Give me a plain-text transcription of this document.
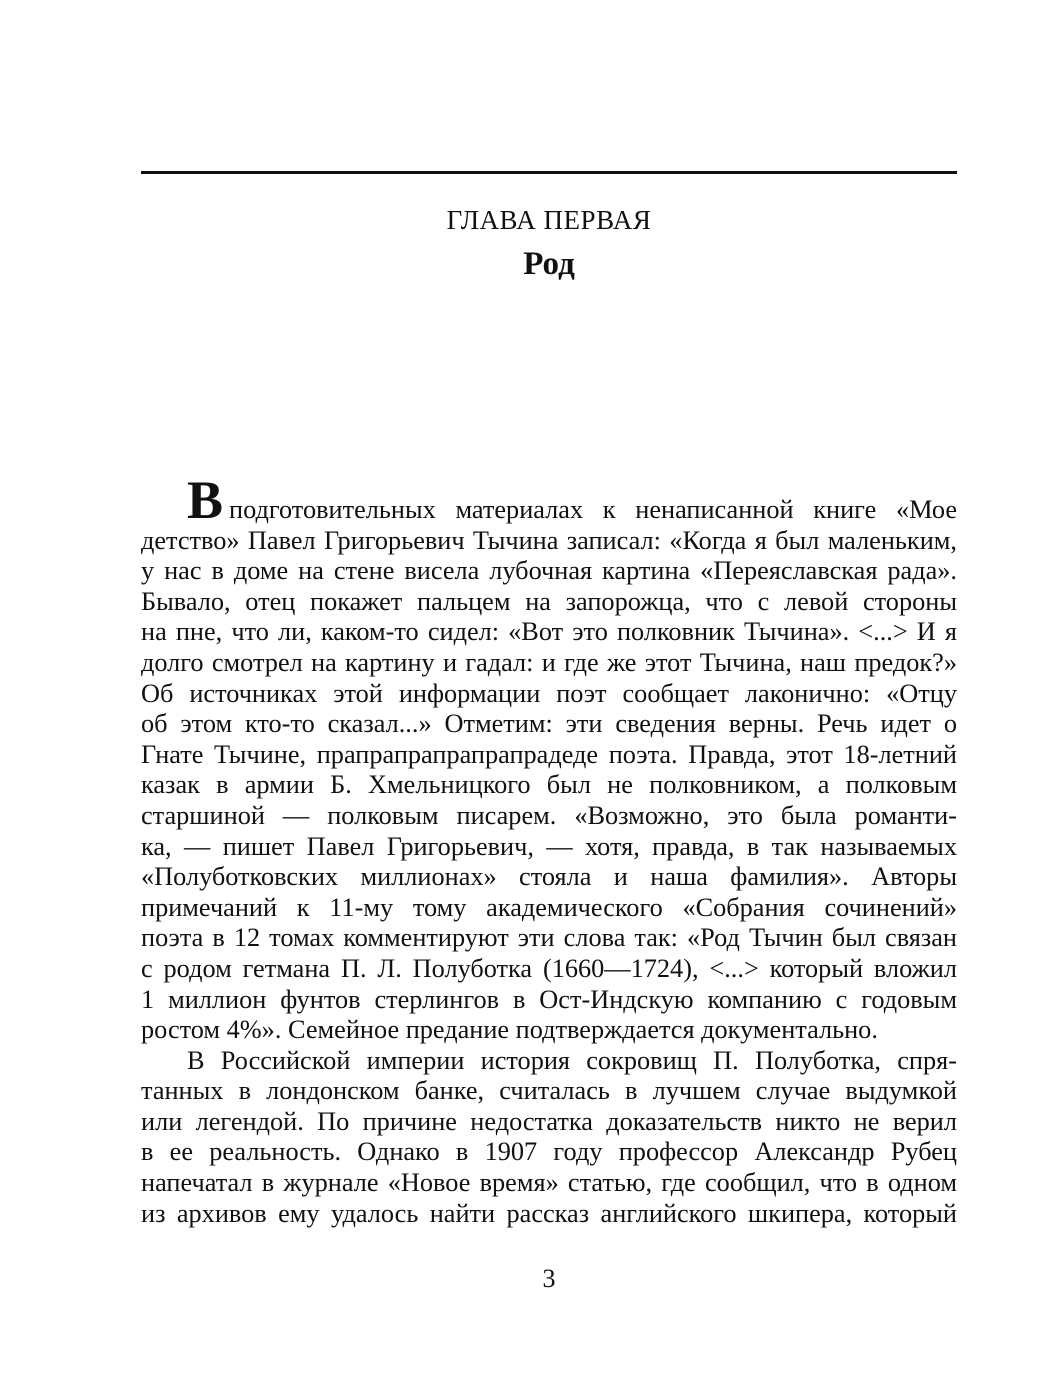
ГЛАВА ПЕРВАЯ
Род

Вподготовительных материалах к ненаписанной книге «Мое

детство» Павел Григорьевич Тычина записал: «Когда я был маленьким,

у нас в доме на стене висела лубочная картина «Переяславская рада».

Бывало, отец покажет пальцем на запорожца, что с левой стороны

на пне, что ли, каком-то сидел: «Вот это полковник Тычина». <...> И я

долго смотрел на картину и гадал: и где же этот Тычина, наш предок?»

Об источниках этой информации поэт сообщает лаконично: «Отцу

об этом кто-то сказал...» Отметим: эти сведения верны. Речь идет о

Гнате Тычине, прапрапрапрапрапрадеде поэта. Правда, этот 18-летний

казак в армии Б. Хмельницкого был не полковником, а полковым

старшиной — полковым писарем. «Возможно, это была романти-

ка, — пишет Павел Григорьевич, — хотя, правда, в так называемых

«Полуботковских миллионах» стояла и наша фамилия». Авторы

примечаний к 11-му тому академического «Собрания сочинений»

поэта в 12 томах комментируют эти слова так: «Род Тычин был связан

с родом гетмана П. Л. Полуботка (1660—1724), <...> который вложил

1 миллион фунтов стерлингов в Ост-Индскую компанию с годовым

ростом 4%». Семейное предание подтверждается документально.

В Российской империи история сокровищ П. Полуботка, спря-

танных в лондонском банке, считалась в лучшем случае выдумкой

или легендой. По причине недостатка доказательств никто не верил

в ее реальность. Однако в 1907 году профессор Александр Рубец

напечатал в журнале «Новое время» статью, где сообщил, что в одном

из архивов ему удалось найти рассказ английского шкипера, который

3
